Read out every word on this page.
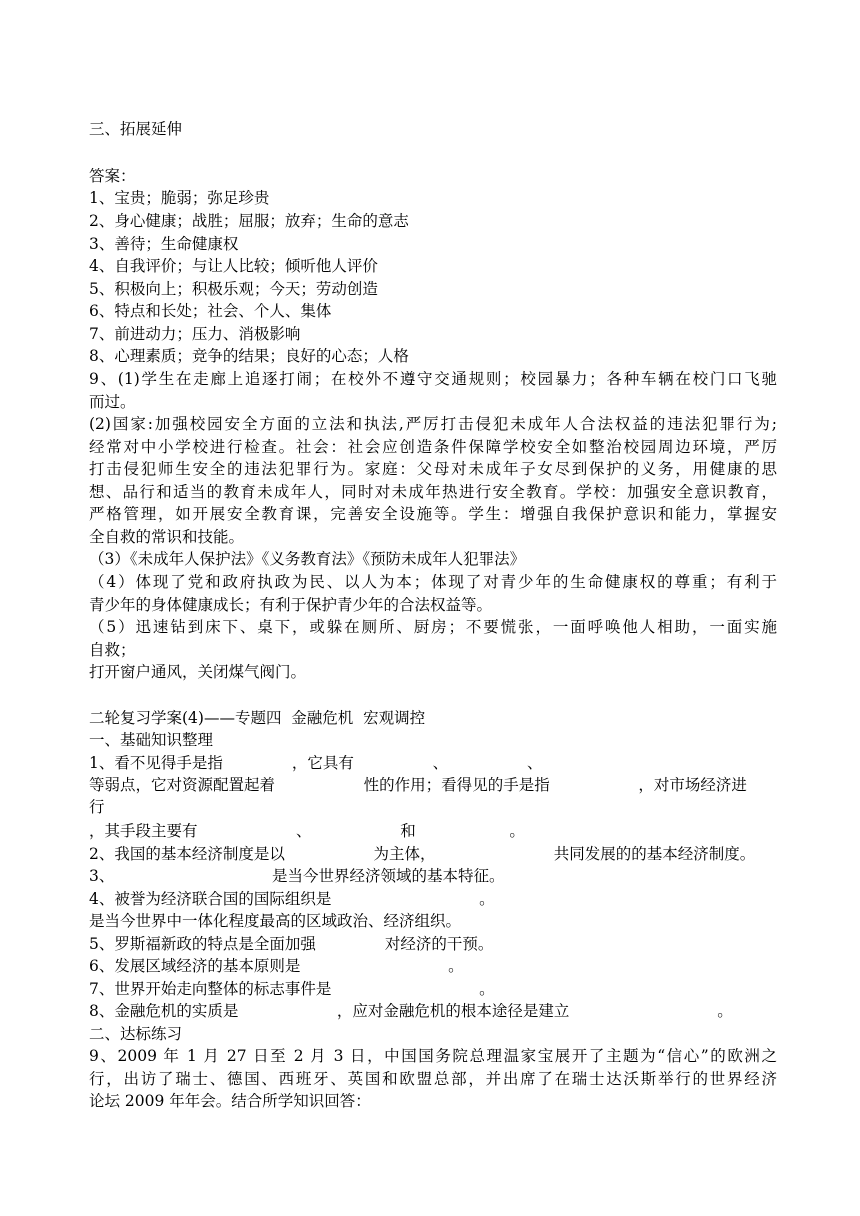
三、拓展延伸
答案：
1、宝贵；脆弱；弥足珍贵
2、身心健康；战胜；屈服；放弃；生命的意志
3、善待；生命健康权
4、自我评价；与让人比较；倾听他人评价
5、积极向上；积极乐观；今天；劳动创造
6、特点和长处；社会、个人、集体
7、前进动力；压力、消极影响
8、心理素质；竞争的结果；良好的心态；人格
9、(1)学生在走廊上追逐打闹；在校外不遵守交通规则；校园暴力；各种车辆在校门口飞驰
而过。
(2)国家:加强校园安全方面的立法和执法,严厉打击侵犯未成年人合法权益的违法犯罪行为;
经常对中小学校进行检查。社会：社会应创造条件保障学校安全如整治校园周边环境，严厉
打击侵犯师生安全的违法犯罪行为。家庭：父母对未成年子女尽到保护的义务，用健康的思
想、品行和适当的教育未成年人，同时对未成年热进行安全教育。学校：加强安全意识教育，
严格管理，如开展安全教育课，完善安全设施等。学生：增强自我保护意识和能力，掌握安
全自救的常识和技能。
（3）《未成年人保护法》《义务教育法》《预防未成年人犯罪法》
（4）体现了党和政府执政为民、以人为本；体现了对青少年的生命健康权的尊重；有利于
青少年的身体健康成长；有利于保护青少年的合法权益等。
（5）迅速钻到床下、桌下，或躲在厕所、厨房；不要慌张，一面呼唤他人相助，一面实施
自救；
打开窗户通风，关闭煤气阀门。
二轮复习学案(4)——专题四  金融危机  宏观调控
一、基础知识整理
1、看不见得手是指              ，它具有                、                、
等弱点，它对资源配置起着                  性的作用；看得见的手是指                  ，对市场经济进
行
，其手段主要有                    、                  和                   。
2、我国的基本经济制度是以                  为主体，                        共同发展的的基本经济制度。
3、                                是当今世界经济领域的基本特征。
4、被誉为经济联合国的国际组织是                              。
是当今世界中一体化程度最高的区域政治、经济组织。
5、罗斯福新政的特点是全面加强              对经济的干预。
6、发展区域经济的基本原则是                              。
7、世界开始走向整体的标志事件是                              。
8、金融危机的实质是                    ，应对金融危机的根本途径是建立                              。
二、达标练习
9、2009 年 1 月 27 日至 2 月 3 日，中国国务院总理温家宝展开了主题为“信心”的欧洲之
行，出访了瑞士、德国、西班牙、英国和欧盟总部，并出席了在瑞士达沃斯举行的世界经济
论坛 2009 年年会。结合所学知识回答：
